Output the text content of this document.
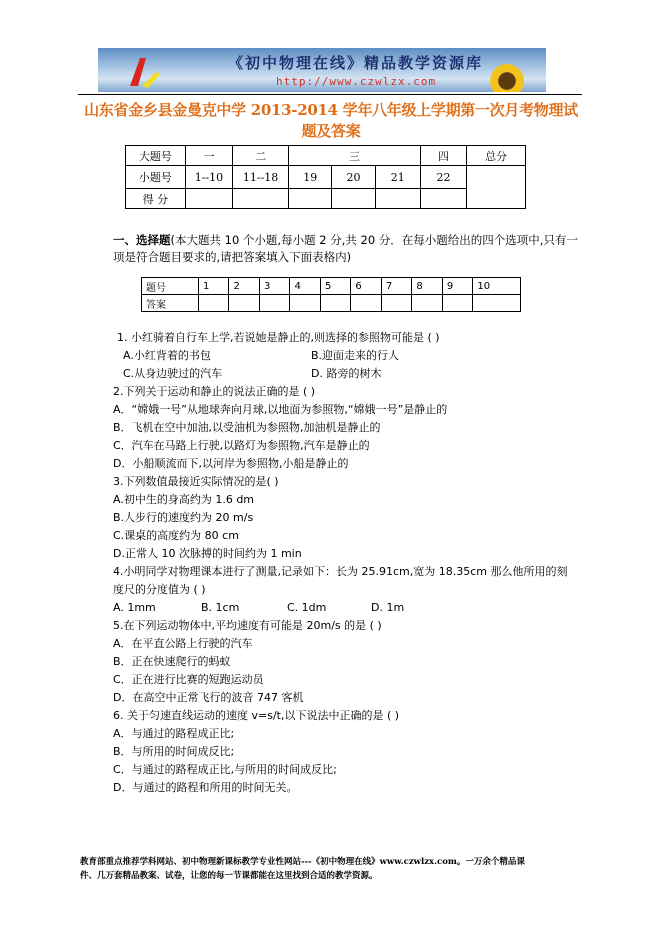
《初中物理在线》精品教学资源库
http://www.czwlzx.com
山东省金乡县金曼克中学 2013-2014 学年八年级上学期第一次月考物理试
题及答案
大题号	一	二	三			四	总分
小题号	1--10	11--18	19	20	21	22	
得 分							
一、选择题(本大题共 10 个小题,每小题 2 分,共 20 分．在每小题给出的四个选项中,只有一
项是符合题目要求的,请把答案填入下面表格内)
题号	1	2	3	4	5	6	7	8	9	10
答案										
1. 小红骑着自行车上学,若说她是静止的,则选择的参照物可能是 ( )
A.小红背着的书包	B.迎面走来的行人
C.从身边驶过的汽车	D. 路旁的树木
2.下列关于运动和静止的说法正确的是 ( )
A．“嫦娥一号”从地球奔向月球,以地面为参照物,“嫦娥一号”是静止的
B．飞机在空中加油,以受油机为参照物,加油机是静止的
C．汽车在马路上行驶,以路灯为参照物,汽车是静止的
D．小船顺流而下,以河岸为参照物,小船是静止的
3.下列数值最接近实际情况的是( )
A.初中生的身高约为 1.6 dm
B.人步行的速度约为 20 m/s
C.课桌的高度约为 80 cm
D.正常人 10 次脉搏的时间约为 1 min
4.小明同学对物理课本进行了测量,记录如下：长为 25.91cm,宽为 18.35cm 那么他所用的刻
度尺的分度值为 ( )
A. 1mm	B. 1cm	C. 1dm	D. 1m
5.在下列运动物体中,平均速度有可能是 20m/s 的是 ( )
A．在平直公路上行驶的汽车
B．正在快速爬行的蚂蚁
C．正在进行比赛的短跑运动员
D．在高空中正常飞行的波音 747 客机
6. 关于匀速直线运动的速度 v=s/t,以下说法中正确的是 ( )
A．与通过的路程成正比;
B．与所用的时间成反比;
C．与通过的路程成正比,与所用的时间成反比;
D．与通过的路程和所用的时间无关。
教育部重点推荐学科网站、初中物理新课标教学专业性网站---《初中物理在线》www.czwlzx.com。一万余个精品课
件、几万套精品教案、试卷，让您的每一节课都能在这里找到合适的教学资源。
